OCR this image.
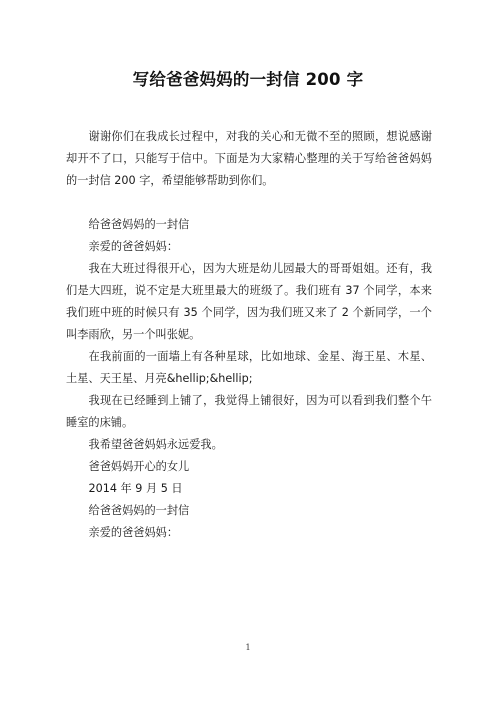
写给爸爸妈妈的一封信 200 字

谢谢你们在我成长过程中，对我的关心和无微不至的照顾，想说感谢却开不了口，只能写于信中。下面是为大家精心整理的关于写给爸爸妈妈的一封信 200 字，希望能够帮助到你们。

给爸爸妈妈的一封信

亲爱的爸爸妈妈：

我在大班过得很开心，因为大班是幼儿园最大的哥哥姐姐。还有，我们是大四班，说不定是大班里最大的班级了。我们班有 37 个同学，本来我们班中班的时候只有 35 个同学，因为我们班又来了 2 个新同学，一个叫李雨欣，另一个叫张妮。

在我前面的一面墙上有各种星球，比如地球、金星、海王星、木星、土星、天王星、月亮&hellip;&hellip;

我现在已经睡到上铺了，我觉得上铺很好，因为可以看到我们整个午睡室的床铺。

我希望爸爸妈妈永远爱我。

爸爸妈妈开心的女儿

2014 年 9 月 5 日

给爸爸妈妈的一封信

亲爱的爸爸妈妈：

1
